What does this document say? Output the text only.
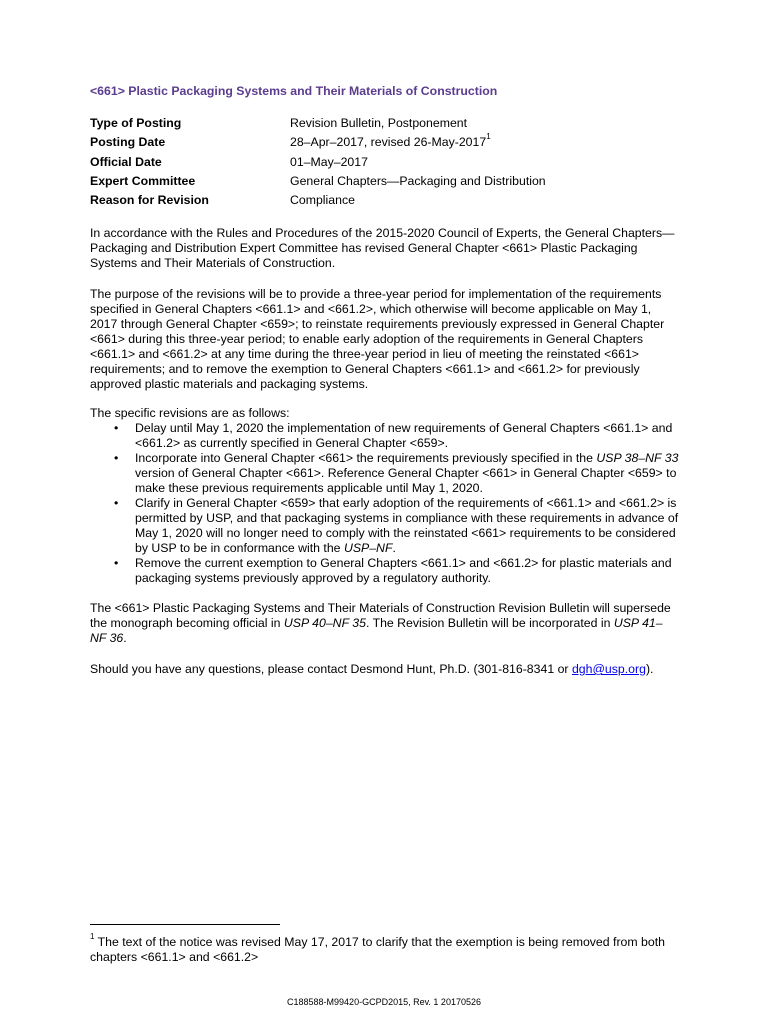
<661> Plastic Packaging Systems and Their Materials of Construction
Type of Posting	Revision Bulletin, Postponement
Posting Date	28–Apr–2017, revised 26-May-2017$^1$
Official Date	01–May–2017
Expert Committee	General Chapters—Packaging and Distribution
Reason for Revision	Compliance

In accordance with the Rules and Procedures of the 2015-2020 Council of Experts, the General Chapters—Packaging and Distribution Expert Committee has revised General Chapter <661> Plastic Packaging Systems and Their Materials of Construction.

The purpose of the revisions will be to provide a three-year period for implementation of the requirements specified in General Chapters <661.1> and <661.2>, which otherwise will become applicable on May 1, 2017 through General Chapter <659>; to reinstate requirements previously expressed in General Chapter <661> during this three-year period; to enable early adoption of the requirements in General Chapters <661.1> and <661.2> at any time during the three-year period in lieu of meeting the reinstated <661> requirements; and to remove the exemption to General Chapters <661.1> and <661.2> for previously approved plastic materials and packaging systems.

The specific revisions are as follows:

• Delay until May 1, 2020 the implementation of new requirements of General Chapters <661.1> and <661.2> as currently specified in General Chapter <659>.
• Incorporate into General Chapter <661> the requirements previously specified in the USP 38–NF 33 version of General Chapter <661>. Reference General Chapter <661> in General Chapter <659> to make these previous requirements applicable until May 1, 2020.
• Clarify in General Chapter <659> that early adoption of the requirements of <661.1> and <661.2> is permitted by USP, and that packaging systems in compliance with these requirements in advance of May 1, 2020 will no longer need to comply with the reinstated <661> requirements to be considered by USP to be in conformance with the USP–NF.
• Remove the current exemption to General Chapters <661.1> and <661.2> for plastic materials and packaging systems previously approved by a regulatory authority.

The <661> Plastic Packaging Systems and Their Materials of Construction Revision Bulletin will supersede the monograph becoming official in USP 40–NF 35. The Revision Bulletin will be incorporated in USP 41–NF 36.

Should you have any questions, please contact Desmond Hunt, Ph.D. (301-816-8341 or dgh@usp.org).

$^1$ The text of the notice was revised May 17, 2017 to clarify that the exemption is being removed from both chapters <661.1> and <661.2>

C188588-M99420-GCPD2015, Rev. 1 20170526
